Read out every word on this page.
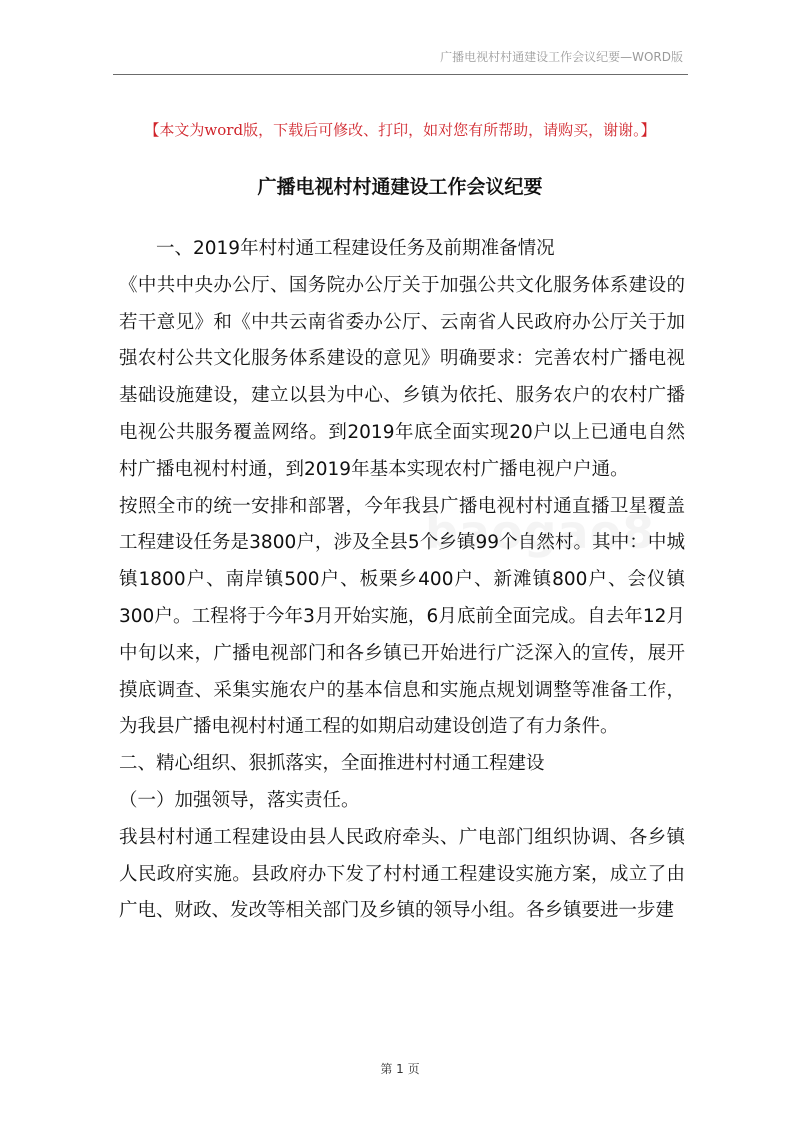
广播电视村村通建设工作会议纪要—WORD版
【本文为word版，下载后可修改、打印，如对您有所帮助，请购买，谢谢。】
广播电视村村通建设工作会议纪要

一、2019年村村通工程建设任务及前期准备情况

《中共中央办公厅、国务院办公厅关于加强公共文化服务体系建设的若干意见》和《中共云南省委办公厅、云南省人民政府办公厅关于加强农村公共文化服务体系建设的意见》明确要求：完善农村广播电视基础设施建设，建立以县为中心、乡镇为依托、服务农户的农村广播电视公共服务覆盖网络。到2019年底全面实现20户以上已通电自然村广播电视村村通，到2019年基本实现农村广播电视户户通。

按照全市的统一安排和部署，今年我县广播电视村村通直播卫星覆盖工程建设任务是3800户，涉及全县5个乡镇99个自然村。其中：中城镇1800户、南岸镇500户、板栗乡400户、新滩镇800户、会仪镇300户。工程将于今年3月开始实施，6月底前全面完成。自去年12月中旬以来，广播电视部门和各乡镇已开始进行广泛深入的宣传，展开摸底调查、采集实施农户的基本信息和实施点规划调整等准备工作，为我县广播电视村村通工程的如期启动建设创造了有力条件。

二、精心组织、狠抓落实，全面推进村村通工程建设

（一）加强领导，落实责任。

我县村村通工程建设由县人民政府牵头、广电部门组织协调、各乡镇人民政府实施。县政府办下发了村村通工程建设实施方案，成立了由广电、财政、发改等相关部门及乡镇的领导小组。各乡镇要进一步建

第 1 页
